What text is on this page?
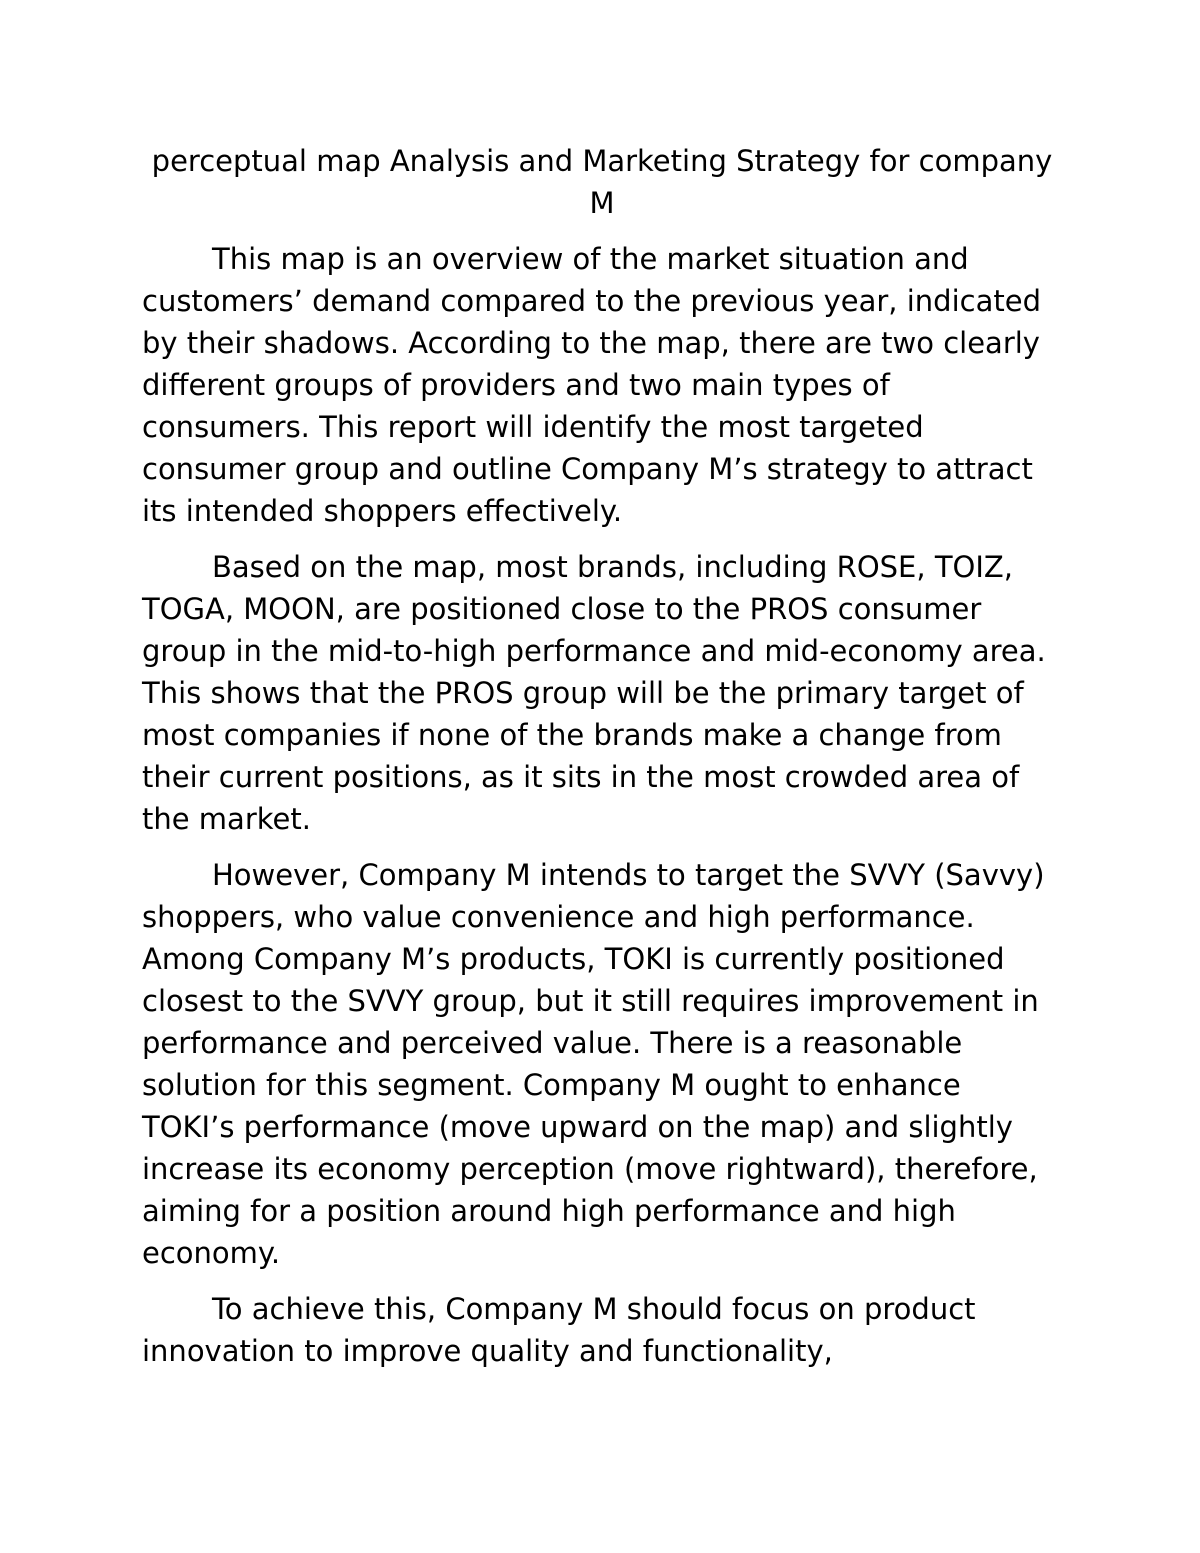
perceptual map Analysis and Marketing Strategy for company M

This map is an overview of the market situation and customers’ demand compared to the previous year, indicated by their shadows. According to the map, there are two clearly different groups of providers and two main types of consumers. This report will identify the most targeted consumer group and outline Company M’s strategy to attract its intended shoppers effectively.

Based on the map, most brands, including ROSE, TOIZ, TOGA, MOON, are positioned close to the PROS consumer group in the mid-to-high performance and mid-economy area. This shows that the PROS group will be the primary target of most companies if none of the brands make a change from their current positions, as it sits in the most crowded area of the market.

However, Company M intends to target the SVVY (Savvy) shoppers, who value convenience and high performance. Among Company M’s products, TOKI is currently positioned closest to the SVVY group, but it still requires improvement in performance and perceived value. There is a reasonable solution for this segment. Company M ought to enhance TOKI’s performance (move upward on the map) and slightly increase its economy perception (move rightward), therefore, aiming for a position around high performance and high economy.

To achieve this, Company M should focus on product innovation to improve quality and functionality,
